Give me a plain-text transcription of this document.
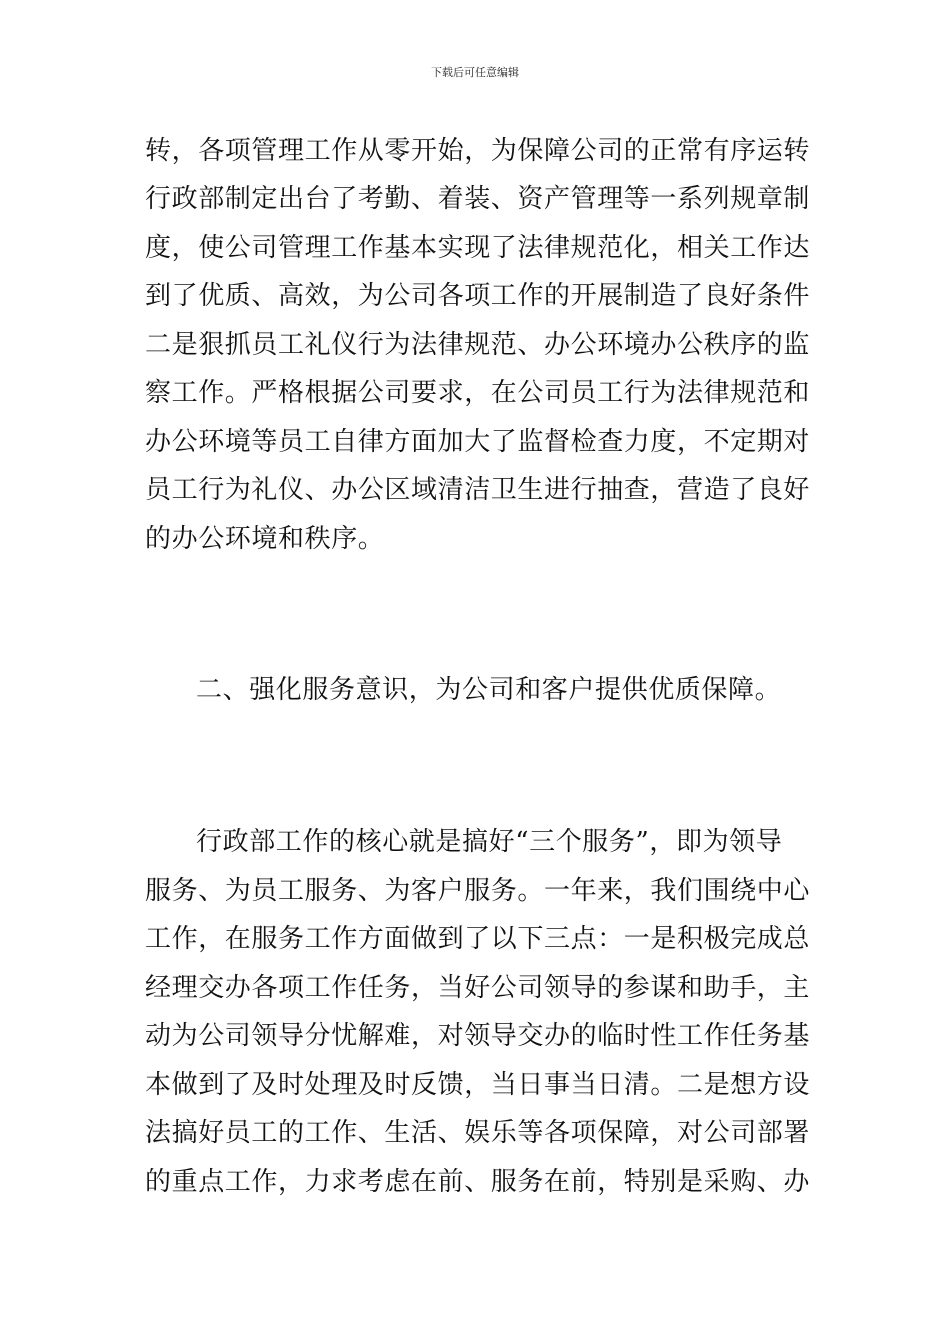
下载后可任意编辑
转，各项管理工作从零开始，为保障公司的正常有序运转
行政部制定出台了考勤、着装、资产管理等一系列规章制
度，使公司管理工作基本实现了法律规范化，相关工作达
到了优质、高效，为公司各项工作的开展制造了良好条件
二是狠抓员工礼仪行为法律规范、办公环境办公秩序的监
察工作。严格根据公司要求，在公司员工行为法律规范和
办公环境等员工自律方面加大了监督检查力度，不定期对
员工行为礼仪、办公区域清洁卫生进行抽查，营造了良好
的办公环境和秩序。
二、强化服务意识，为公司和客户提供优质保障。
行政部工作的核心就是搞好“三个服务”，即为领导
服务、为员工服务、为客户服务。一年来，我们围绕中心
工作，在服务工作方面做到了以下三点：一是积极完成总
经理交办各项工作任务，当好公司领导的参谋和助手，主
动为公司领导分忧解难，对领导交办的临时性工作任务基
本做到了及时处理及时反馈，当日事当日清。二是想方设
法搞好员工的工作、生活、娱乐等各项保障，对公司部署
的重点工作，力求考虑在前、服务在前，特别是采购、办
